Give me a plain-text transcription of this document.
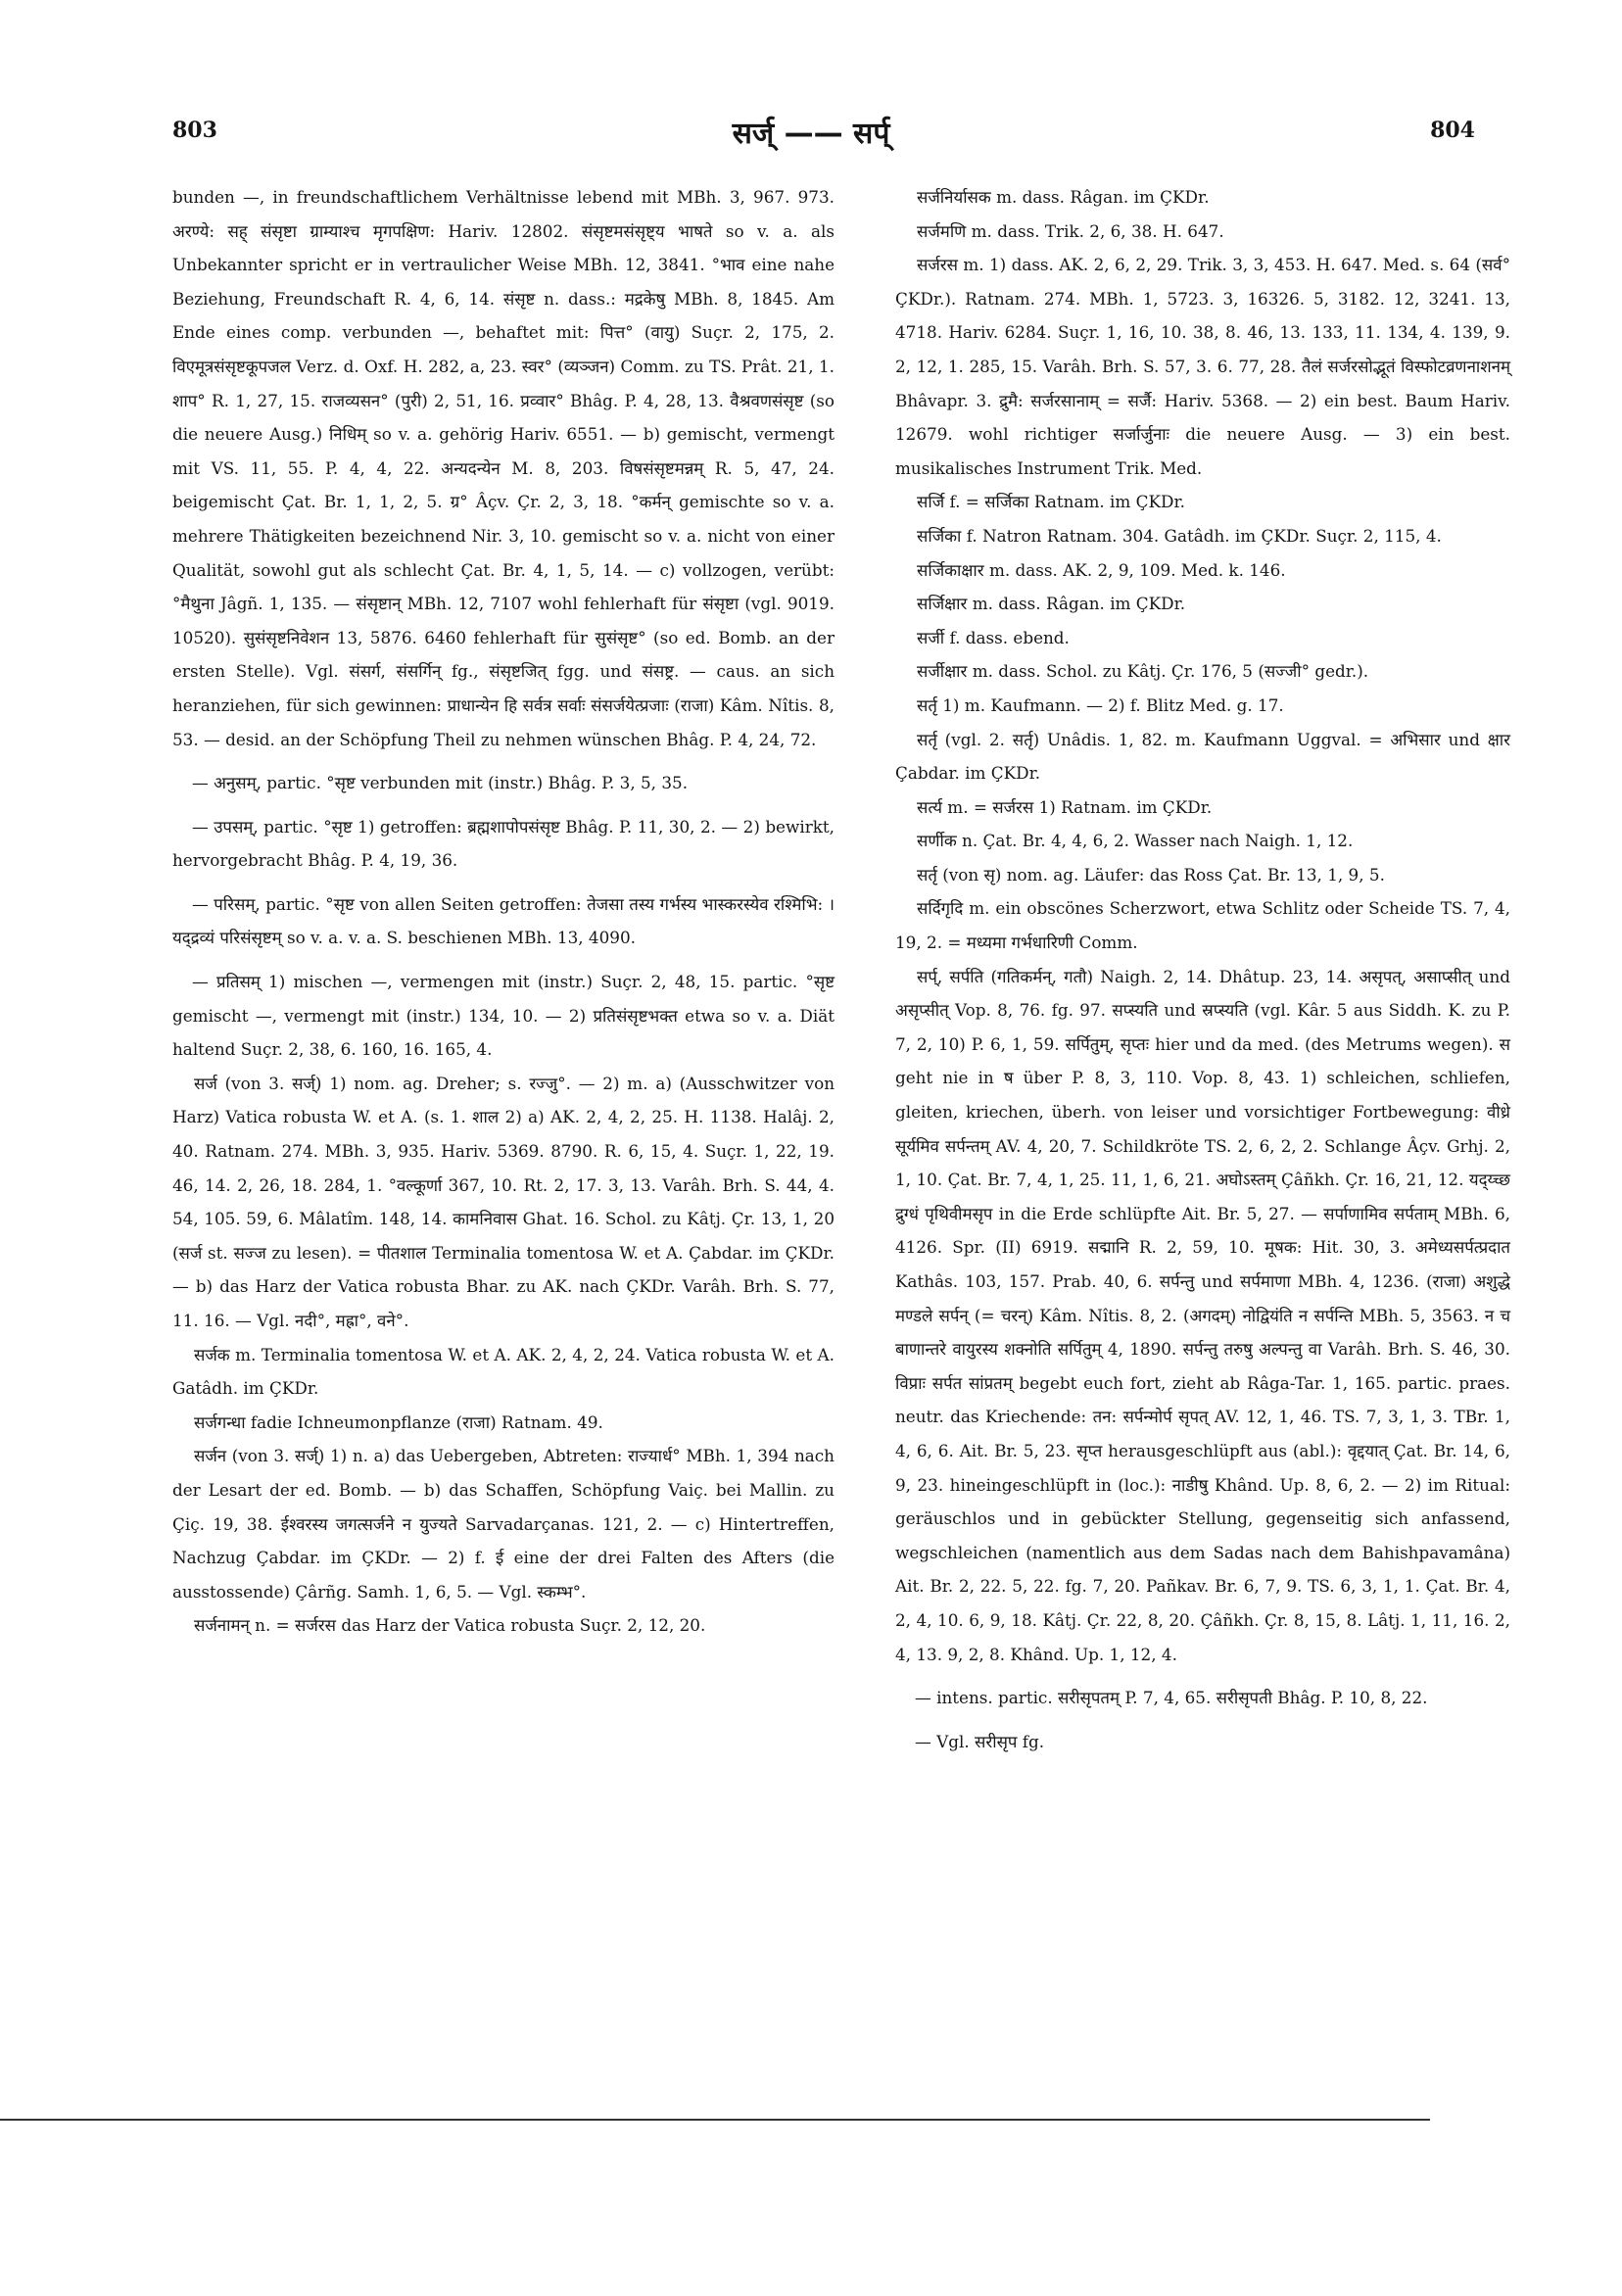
803	सर्ज् —— सर्प्	804

bunden —, in freundschaftlichem Verhältnisse lebend mit MBh. 3, 967. 973. अरण्ये: सह् संसृष्टा ग्राम्याश्च मृगपक्षिण: Hariv. 12802. संसृष्टमसंसृष्ट्य भाषते so v. a. als Unbekannter spricht er in vertraulicher Weise MBh. 12, 3841. °भाव eine nahe Beziehung, Freundschaft R. 4, 6, 14. संसृष्ट n. dass.: मद्रकेषु MBh. 8, 1845. Am Ende eines comp. verbunden —, behaftet mit: पित्त° (वायु) Suçr. 2, 175, 2. विएमूत्रसंसृष्टकूपजल Verz. d. Oxf. H. 282, a, 23. स्वर° (व्यञ्जन) Comm. zu TS. Prât. 21, 1. शाप° R. 1, 27, 15. राजव्यसन° (पुरी) 2, 51, 16. प्रव्वार° Bhâg. P. 4, 28, 13. वैश्रवणसंसृष्ट (so die neuere Ausg.) निधिम् so v. a. gehörig Hariv. 6551. — b) gemischt, vermengt mit VS. 11, 55. P. 4, 4, 22. अन्यदन्येन M. 8, 203. विषसंसृष्टमन्नम् R. 5, 47, 24. beigemischt Çat. Br. 1, 1, 2, 5. ग्र° Âçv. Çr. 2, 3, 18. °कर्मन् gemischte so v. a. mehrere Thätigkeiten bezeichnend Nir. 3, 10. gemischt so v. a. nicht von einer Qualität, sowohl gut als schlecht Çat. Br. 4, 1, 5, 14. — c) vollzogen, verübt: °मैथुना Jâgñ. 1, 135. — संसृष्टान् MBh. 12, 7107 wohl fehlerhaft für संसृष्टा (vgl. 9019. 10520). सुसंसृष्टनिवेशन 13, 5876. 6460 fehlerhaft für सुसंसृष्ट° (so ed. Bomb. an der ersten Stelle). Vgl. संसर्ग, संसर्गिन् fg., संसृष्टजित् fgg. und संसष्ट्र. — caus. an sich heranziehen, für sich gewinnen: प्राधान्येन हि सर्वत्र सर्वाः संसर्जयेत्प्रजाः (राजा) Kâm. Nîtis. 8, 53. — desid. an der Schöpfung Theil zu nehmen wünschen Bhâg. P. 4, 24, 72.

— अनुसम्, partic. °सृष्ट verbunden mit (instr.) Bhâg. P. 3, 5, 35.

— उपसम्, partic. °सृष्ट 1) getroffen: ब्रह्मशापोपसंसृष्ट Bhâg. P. 11, 30, 2. — 2) bewirkt, hervorgebracht Bhâg. P. 4, 19, 36.

— परिसम्, partic. °सृष्ट von allen Seiten getroffen: तेजसा तस्य गर्भस्य भास्करस्येव रश्मिभि: । यद्द्रव्यं परिसंसृष्टम् so v. a. v. a. S. beschienen MBh. 13, 4090.

— प्रतिसम् 1) mischen —, vermengen mit (instr.) Suçr. 2, 48, 15. partic. °सृष्ट gemischt —, vermengt mit (instr.) 134, 10. — 2) प्रतिसंसृष्टभक्त etwa so v. a. Diät haltend Suçr. 2, 38, 6. 160, 16. 165, 4.

सर्ज (von 3. सर्ज्) 1) nom. ag. Dreher; s. रज्जु°. — 2) m. a) (Ausschwitzer von Harz) Vatica robusta W. et A. (s. 1. शाल 2) a) AK. 2, 4, 2, 25. H. 1138. Halâj. 2, 40. Ratnam. 274. MBh. 3, 935. Hariv. 5369. 8790. R. 6, 15, 4. Suçr. 1, 22, 19. 46, 14. 2, 26, 18. 284, 1. °वल्कूर्णा 367, 10. Rt. 2, 17. 3, 13. Varâh. Brh. S. 44, 4. 54, 105. 59, 6. Mâlatîm. 148, 14. कामनिवास Ghat. 16. Schol. zu Kâtj. Çr. 13, 1, 20 (सर्ज st. सज्ज zu lesen). = पीतशाल Terminalia tomentosa W. et A. Çabdar. im ÇKDr. — b) das Harz der Vatica robusta Bhar. zu AK. nach ÇKDr. Varâh. Brh. S. 77, 11. 16. — Vgl. नदी°, मह्रा°, वने°.

सर्जक m. Terminalia tomentosa W. et A. AK. 2, 4, 2, 24. Vatica robusta W. et A. Gatâdh. im ÇKDr.

सर्जगन्धा fadie Ichneumonpflanze (राजा) Ratnam. 49.

सर्जन (von 3. सर्ज्) 1) n. a) das Uebergeben, Abtreten: राज्यार्ध° MBh. 1, 394 nach der Lesart der ed. Bomb. — b) das Schaffen, Schöpfung Vaiç. bei Mallin. zu Çiç. 19, 38. ईश्वरस्य जगत्सर्जने न युज्यते Sarvadarçanas. 121, 2. — c) Hintertreffen, Nachzug Çabdar. im ÇKDr. — 2) f. ई eine der drei Falten des Afters (die ausstossende) Çârñg. Samh. 1, 6, 5. — Vgl. स्कम्भ°.

सर्जनामन् n. = सर्जरस das Harz der Vatica robusta Suçr. 2, 12, 20.

सर्जनिर्यासक m. dass. Râgan. im ÇKDr.

सर्जमणि m. dass. Trik. 2, 6, 38. H. 647.

सर्जरस m. 1) dass. AK. 2, 6, 2, 29. Trik. 3, 3, 453. H. 647. Med. s. 64 (सर्व° ÇKDr.). Ratnam. 274. MBh. 1, 5723. 3, 16326. 5, 3182. 12, 3241. 13, 4718. Hariv. 6284. Suçr. 1, 16, 10. 38, 8. 46, 13. 133, 11. 134, 4. 139, 9. 2, 12, 1. 285, 15. Varâh. Brh. S. 57, 3. 6. 77, 28. तैलं सर्जरसोद्भूतं विस्फोटव्रणनाशनम् Bhâvapr. 3. द्रुमै: सर्जरसानाम् = सर्जै: Hariv. 5368. — 2) ein best. Baum Hariv. 12679. wohl richtiger सर्जार्जुनाः die neuere Ausg. — 3) ein best. musikalisches Instrument Trik. Med.

सर्जि f. = सर्जिका Ratnam. im ÇKDr.

सर्जिका f. Natron Ratnam. 304. Gatâdh. im ÇKDr. Suçr. 2, 115, 4.

सर्जिकाक्षार m. dass. AK. 2, 9, 109. Med. k. 146.

सर्जिक्षार m. dass. Râgan. im ÇKDr.

सर्जी f. dass. ebend.

सर्जीक्षार m. dass. Schol. zu Kâtj. Çr. 176, 5 (सज्जी° gedr.).

सर्तृ 1) m. Kaufmann. — 2) f. Blitz Med. g. 17.

सर्तृ (vgl. 2. सर्तृ) Unâdis. 1, 82. m. Kaufmann Uggval. = अभिसार und क्षार Çabdar. im ÇKDr.

सर्त्य m. = सर्जरस 1) Ratnam. im ÇKDr.

सर्णीक n. Çat. Br. 4, 4, 6, 2. Wasser nach Naigh. 1, 12.

सर्तृ (von सृ) nom. ag. Läufer: das Ross Çat. Br. 13, 1, 9, 5.

सर्दिगृदि m. ein obscönes Scherzwort, etwa Schlitz oder Scheide TS. 7, 4, 19, 2. = मध्यमा गर्भधारिणी Comm.

सर्प्, सर्पति (गतिकर्मन्, गतौ) Naigh. 2, 14. Dhâtup. 23, 14. असृपत्, असाप्सीत् und असृप्सीत् Vop. 8, 76. fg. 97. सप्स्यति und स्रप्स्यति (vgl. Kâr. 5 aus Siddh. K. zu P. 7, 2, 10) P. 6, 1, 59. सर्पितुम्, सृप्तः hier und da med. (des Metrums wegen). स geht nie in ष über P. 8, 3, 110. Vop. 8, 43. 1) schleichen, schliefen, gleiten, kriechen, überh. von leiser und vorsichtiger Fortbewegung: वीध्रे सूर्यमिव सर्पन्तम् AV. 4, 20, 7. Schildkröte TS. 2, 6, 2, 2. Schlange Âçv. Grhj. 2, 1, 10. Çat. Br. 7, 4, 1, 25. 11, 1, 6, 21. अघोऽस्तम् Çâñkh. Çr. 16, 21, 12. यद्य्च्छ द्रुग्धं पृथिवीमसृप in die Erde schlüpfte Ait. Br. 5, 27. — सर्पाणामिव सर्पताम् MBh. 6, 4126. Spr. (II) 6919. सद्मानि R. 2, 59, 10. मूषक: Hit. 30, 3. अमेध्यसर्पत्प्रदात Kathâs. 103, 157. Prab. 40, 6. सर्पन्तु und सर्पमाणा MBh. 4, 1236. (राजा) अशुद्धे मण्डले सर्पन् (= चरन्) Kâm. Nîtis. 8, 2. (अगदम्) नोद्वियंति न सर्पन्ति MBh. 5, 3563. न च बाणान्तरे वायुरस्य शक्नोति सर्पितुम् 4, 1890. सर्पन्तु तरुषु अल्पन्तु वा Varâh. Brh. S. 46, 30. विप्राः सर्पत सांप्रतम् begebt euch fort, zieht ab Râga-Tar. 1, 165. partic. praes. neutr. das Kriechende: तन: सर्पन्मोर्प सृपत् AV. 12, 1, 46. TS. 7, 3, 1, 3. TBr. 1, 4, 6, 6. Ait. Br. 5, 23. सृप्त herausgeschlüpft aus (abl.): वृद्दयात् Çat. Br. 14, 6, 9, 23. hineingeschlüpft in (loc.): नाडीषु Khând. Up. 8, 6, 2. — 2) im Ritual: geräuschlos und in gebückter Stellung, gegenseitig sich anfassend, wegschleichen (namentlich aus dem Sadas nach dem Bahishpavamâna) Ait. Br. 2, 22. 5, 22. fg. 7, 20. Pañkav. Br. 6, 7, 9. TS. 6, 3, 1, 1. Çat. Br. 4, 2, 4, 10. 6, 9, 18. Kâtj. Çr. 22, 8, 20. Çâñkh. Çr. 8, 15, 8. Lâtj. 1, 11, 16. 2, 4, 13. 9, 2, 8. Khând. Up. 1, 12, 4.

— intens. partic. सरीसृपतम् P. 7, 4, 65. सरीसृपती Bhâg. P. 10, 8, 22.

— Vgl. सरीसृप fg.
